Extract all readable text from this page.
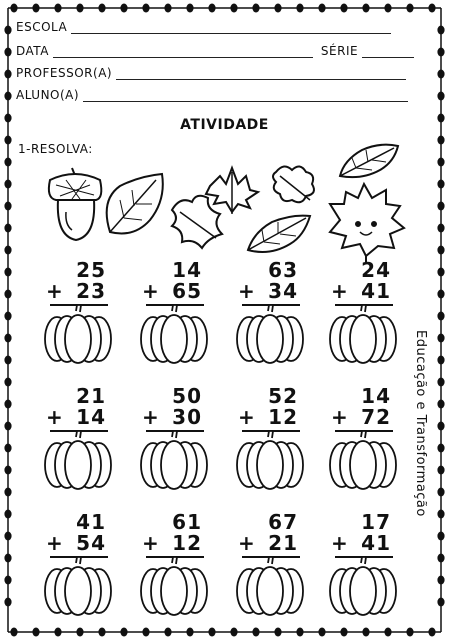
ESCOLA
DATA	SÉRIE
PROFESSOR(A)
ALUNO(A)
ATIVIDADE
1-RESOLVA:
25
+ 23
14
+ 65
63
+ 34
24
+ 41
21
+ 14
50
+ 30
52
+ 12
14
+ 72
41
+ 54
61
+ 12
67
+ 21
17
+ 41
Educação e Transformação
